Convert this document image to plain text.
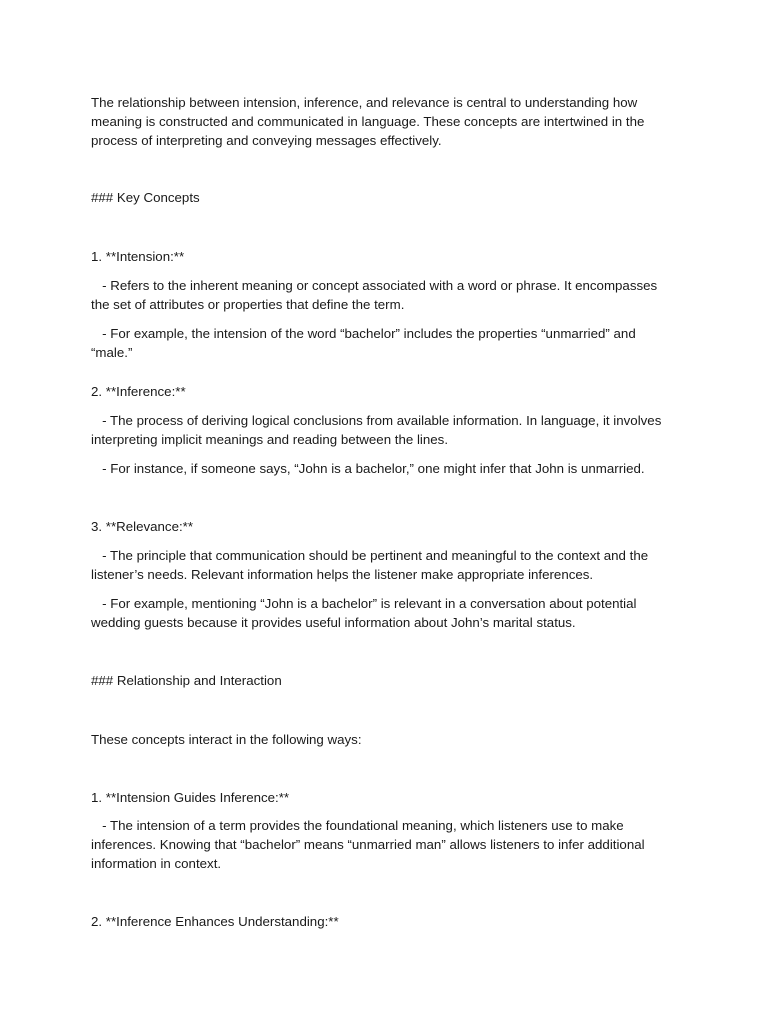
The relationship between intension, inference, and relevance is central to understanding how meaning is constructed and communicated in language. These concepts are intertwined in the process of interpreting and conveying messages effectively.

### Key Concepts

1. **Intension:**

- Refers to the inherent meaning or concept associated with a word or phrase. It encompasses the set of attributes or properties that define the term.

- For example, the intension of the word “bachelor” includes the properties “unmarried” and “male.”

2. **Inference:**

- The process of deriving logical conclusions from available information. In language, it involves interpreting implicit meanings and reading between the lines.

- For instance, if someone says, “John is a bachelor,” one might infer that John is unmarried.

3. **Relevance:**

- The principle that communication should be pertinent and meaningful to the context and the listener’s needs. Relevant information helps the listener make appropriate inferences.

- For example, mentioning “John is a bachelor” is relevant in a conversation about potential wedding guests because it provides useful information about John’s marital status.

### Relationship and Interaction

These concepts interact in the following ways:

1. **Intension Guides Inference:**

- The intension of a term provides the foundational meaning, which listeners use to make inferences. Knowing that “bachelor” means “unmarried man” allows listeners to infer additional information in context.

2. **Inference Enhances Understanding:**
